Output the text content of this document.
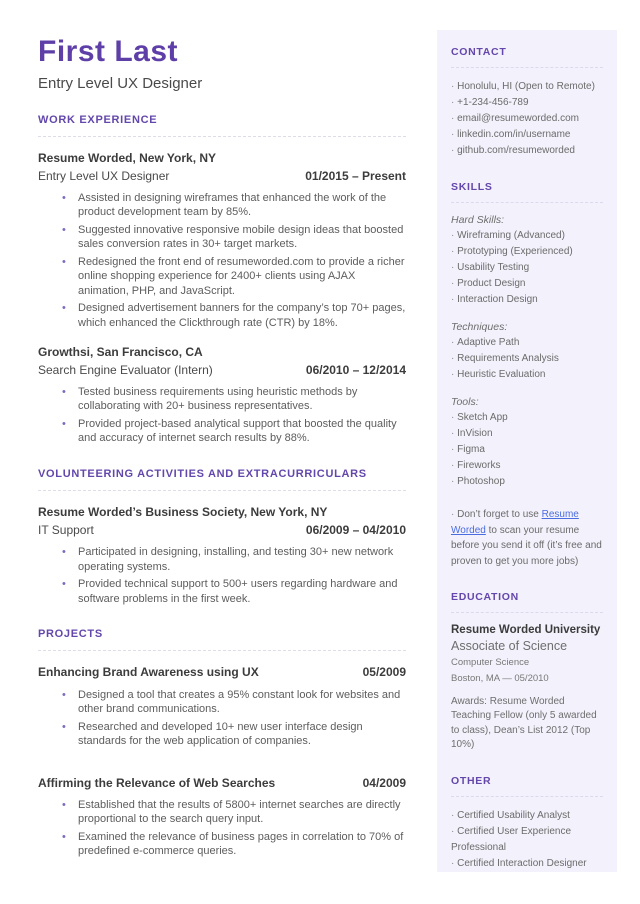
First Last
Entry Level UX Designer
WORK EXPERIENCE
Resume Worded, New York, NY
Entry Level UX Designer	01/2015 – Present
• Assisted in designing wireframes that enhanced the work of the product development team by 85%.
• Suggested innovative responsive mobile design ideas that boosted sales conversion rates in 30+ target markets.
• Redesigned the front end of resumeworded.com to provide a richer online shopping experience for 2400+ clients using AJAX animation, PHP, and JavaScript.
• Designed advertisement banners for the company’s top 70+ pages, which enhanced the Clickthrough rate (CTR) by 18%.
Growthsi, San Francisco, CA
Search Engine Evaluator (Intern)	06/2010 – 12/2014
• Tested business requirements using heuristic methods by collaborating with 20+ business representatives.
• Provided project-based analytical support that boosted the quality and accuracy of internet search results by 88%.
VOLUNTEERING ACTIVITIES AND EXTRACURRICULARS
Resume Worded’s Business Society, New York, NY
IT Support	06/2009 – 04/2010
• Participated in designing, installing, and testing 30+ new network operating systems.
• Provided technical support to 500+ users regarding hardware and software problems in the first week.
PROJECTS
Enhancing Brand Awareness using UX	05/2009
• Designed a tool that creates a 95% constant look for websites and other brand communications.
• Researched and developed 10+ new user interface design standards for the web application of companies.
Affirming the Relevance of Web Searches	04/2009
• Established that the results of 5800+ internet searches are directly proportional to the search query input.
• Examined the relevance of business pages in correlation to 70% of predefined e-commerce queries.
CONTACT
· Honolulu, HI (Open to Remote)
· +1-234-456-789
· email@resumeworded.com
· linkedin.com/in/username
· github.com/resumeworded
SKILLS
Hard Skills:
· Wireframing (Advanced)
· Prototyping (Experienced)
· Usability Testing
· Product Design
· Interaction Design
Techniques:
· Adaptive Path
· Requirements Analysis
· Heuristic Evaluation
Tools:
· Sketch App
· InVision
· Figma
· Fireworks
· Photoshop

· Don’t forget to use Resume Worded to scan your resume before you send it off (it’s free and proven to get you more jobs)

EDUCATION
Resume Worded University
Associate of Science
Computer Science
Boston, MA — 05/2010
Awards: Resume Worded Teaching Fellow (only 5 awarded to class), Dean’s List 2012 (Top 10%)
OTHER
· Certified Usability Analyst
· Certified User Experience Professional
· Certified Interaction Designer
